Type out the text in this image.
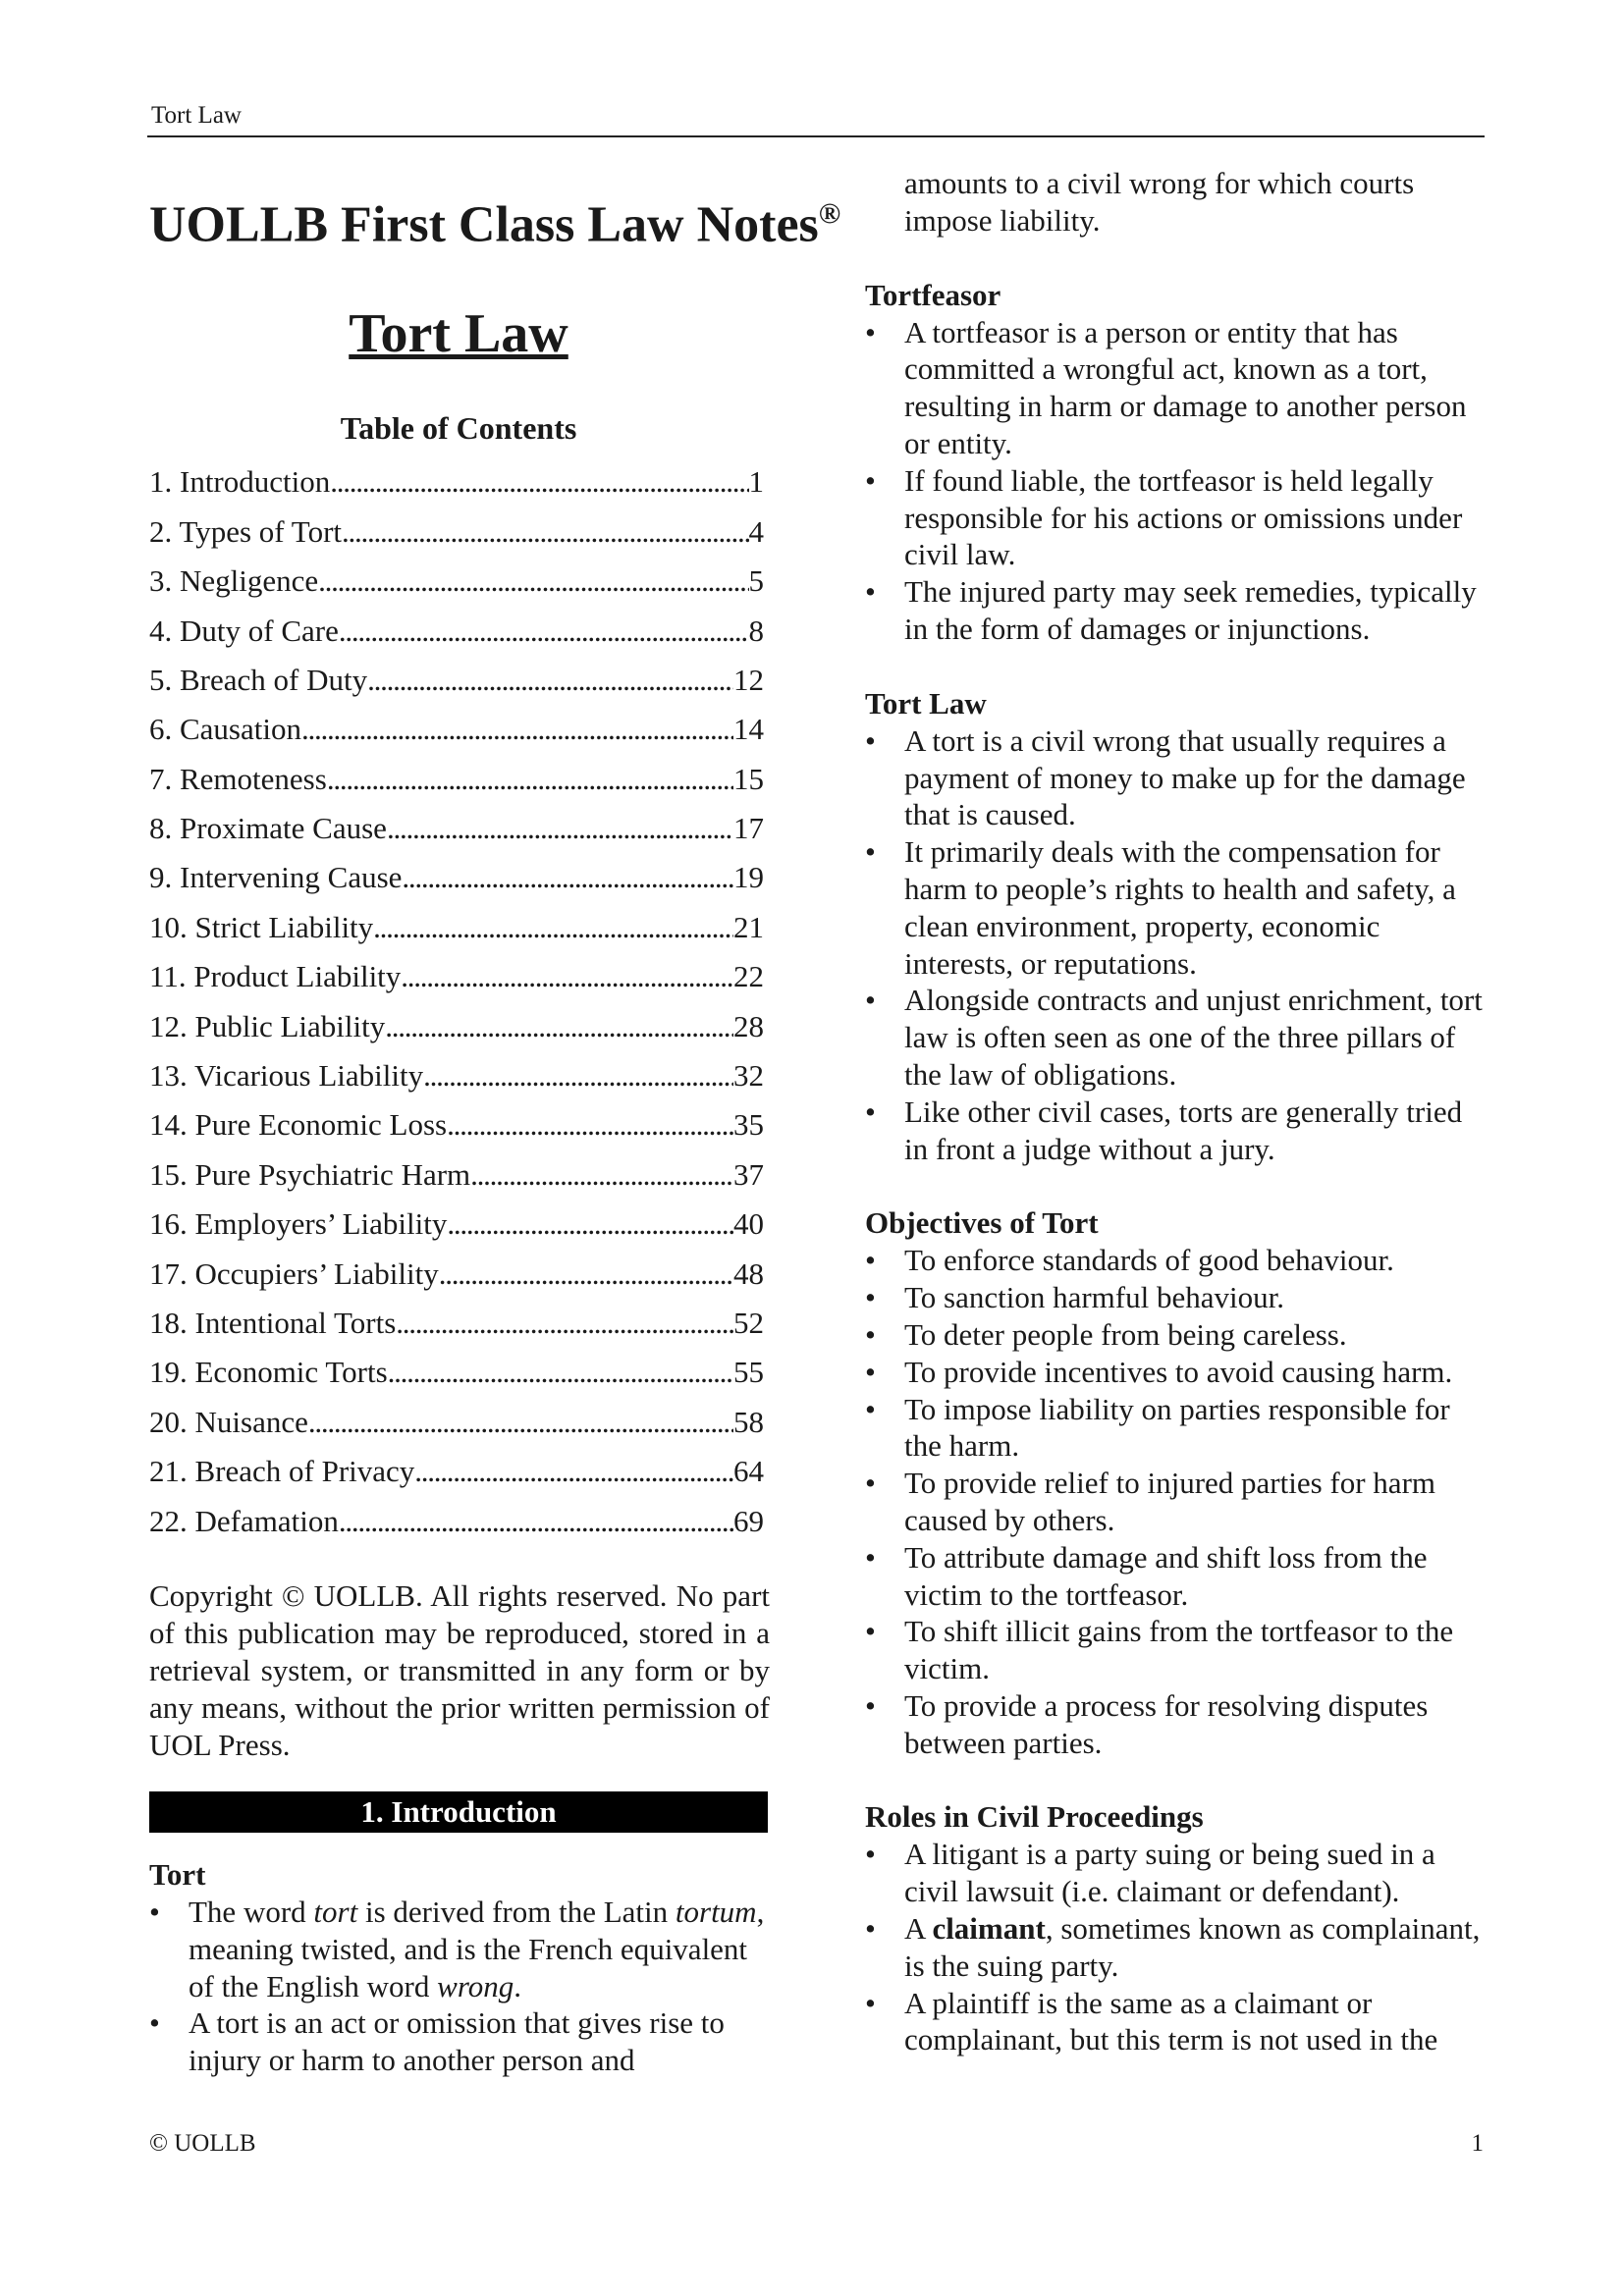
Tort Law
UOLLB First Class Law Notes®
Tort Law
Table of Contents
1. Introduction . . .	1
2. Types of Tort . . .	4
3. Negligence . . .	5
4. Duty of Care . . .	8
5. Breach of Duty . . .	12
6. Causation . . .	14
7. Remoteness . . .	15
8. Proximate Cause . . .	17
9. Intervening Cause . . .	19
10. Strict Liability . . .	21
11. Product Liability . . .	22
12. Public Liability . . .	28
13. Vicarious Liability . . .	32
14. Pure Economic Loss . . .	35
15. Pure Psychiatric Harm . . .	37
16. Employers’ Liability . . .	40
17. Occupiers’ Liability . . .	48
18. Intentional Torts . . .	52
19. Economic Torts . . .	55
20. Nuisance . . .	58
21. Breach of Privacy . . .	64
22. Defamation . . .	69

Copyright © UOLLB. All rights reserved. No part of this publication may be reproduced, stored in a retrieval system, or transmitted in any form or by any means, without the prior written permission of UOL Press.

1. Introduction
Tort
• The word tort is derived from the Latin tortum, meaning twisted, and is the French equivalent of the English word wrong.
• A tort is an act or omission that gives rise to injury or harm to another person and

amounts to a civil wrong for which courts impose liability.

Tortfeasor
• A tortfeasor is a person or entity that has committed a wrongful act, known as a tort, resulting in harm or damage to another person or entity.
• If found liable, the tortfeasor is held legally responsible for his actions or omissions under civil law.
• The injured party may seek remedies, typically in the form of damages or injunctions.
Tort Law
• A tort is a civil wrong that usually requires a payment of money to make up for the damage that is caused.
• It primarily deals with the compensation for harm to people’s rights to health and safety, a clean environment, property, economic interests, or reputations.
• Alongside contracts and unjust enrichment, tort law is often seen as one of the three pillars of the law of obligations.
• Like other civil cases, torts are generally tried in front a judge without a jury.
Objectives of Tort
• To enforce standards of good behaviour.
• To sanction harmful behaviour.
• To deter people from being careless.
• To provide incentives to avoid causing harm.
• To impose liability on parties responsible for the harm.
• To provide relief to injured parties for harm caused by others.
• To attribute damage and shift loss from the victim to the tortfeasor.
• To shift illicit gains from the tortfeasor to the victim.
• To provide a process for resolving disputes between parties.
Roles in Civil Proceedings
• A litigant is a party suing or being sued in a civil lawsuit (i.e. claimant or defendant).
• A claimant, sometimes known as complainant, is the suing party.
• A plaintiff is the same as a claimant or complainant, but this term is not used in the
© UOLLB	1
